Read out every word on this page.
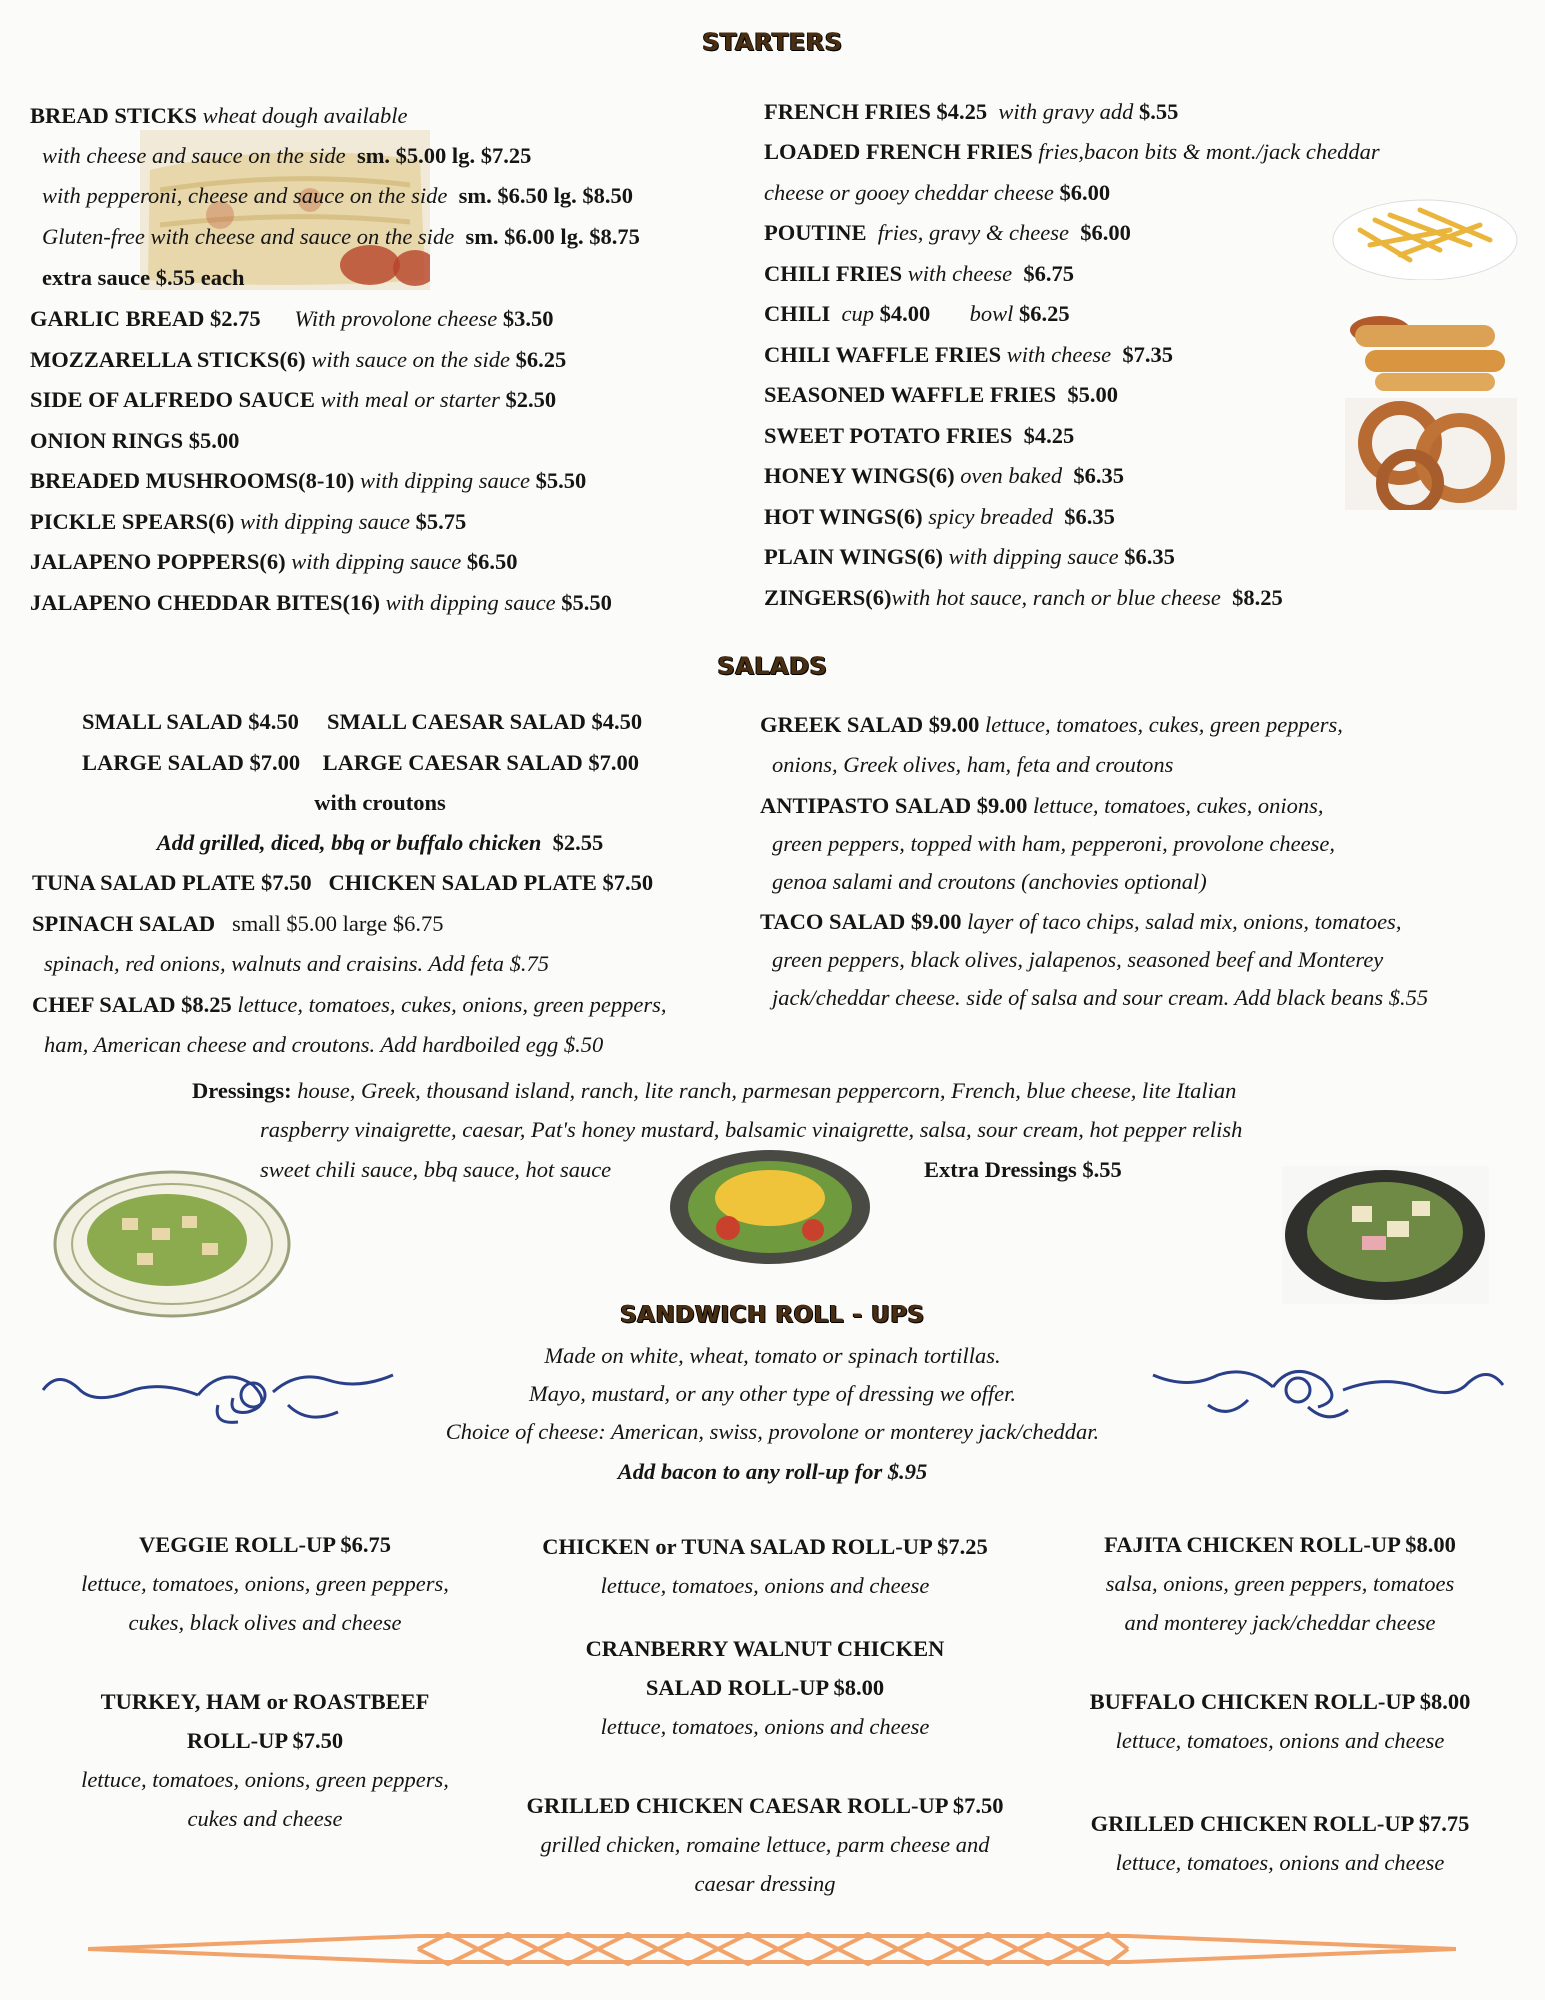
STARTERS
BREAD STICKS wheat dough available
with cheese and sauce on the side sm. $5.00 lg. $7.25
with pepperoni, cheese and sauce on the side sm. $6.50 lg. $8.50
Gluten-free with cheese and sauce on the side sm. $6.00 lg. $8.75
extra sauce $.55 each
GARLIC BREAD $2.75 With provolone cheese $3.50
MOZZARELLA STICKS(6) with sauce on the side $6.25
SIDE OF ALFREDO SAUCE with meal or starter $2.50
ONION RINGS $5.00
BREADED MUSHROOMS(8-10) with dipping sauce $5.50
PICKLE SPEARS(6) with dipping sauce $5.75
JALAPENO POPPERS(6) with dipping sauce $6.50
JALAPENO CHEDDAR BITES(16) with dipping sauce $5.50
FRENCH FRIES $4.25 with gravy add $.55
LOADED FRENCH FRIES fries,bacon bits & mont./jack cheddar
cheese or gooey cheddar cheese $6.00
POUTINE fries, gravy & cheese $6.00
CHILI FRIES with cheese $6.75
CHILI cup $4.00 bowl $6.25
CHILI WAFFLE FRIES with cheese $7.35
SEASONED WAFFLE FRIES $5.00
SWEET POTATO FRIES $4.25
HONEY WINGS(6) oven baked $6.35
HOT WINGS(6) spicy breaded $6.35
PLAIN WINGS(6) with dipping sauce $6.35
ZINGERS(6)with hot sauce, ranch or blue cheese $8.25
SALADS
SMALL SALAD $4.50 SMALL CAESAR SALAD $4.50
LARGE SALAD $7.00 LARGE CAESAR SALAD $7.00
with croutons
Add grilled, diced, bbq or buffalo chicken $2.55
TUNA SALAD PLATE $7.50 CHICKEN SALAD PLATE $7.50
SPINACH SALAD small $5.00 large $6.75
spinach, red onions, walnuts and craisins. Add feta $.75
CHEF SALAD $8.25 lettuce, tomatoes, cukes, onions, green peppers,
ham, American cheese and croutons. Add hardboiled egg $.50
GREEK SALAD $9.00 lettuce, tomatoes, cukes, green peppers,
onions, Greek olives, ham, feta and croutons
ANTIPASTO SALAD $9.00 lettuce, tomatoes, cukes, onions,
green peppers, topped with ham, pepperoni, provolone cheese,
genoa salami and croutons (anchovies optional)
TACO SALAD $9.00 layer of taco chips, salad mix, onions, tomatoes,
green peppers, black olives, jalapenos, seasoned beef and Monterey
jack/cheddar cheese. side of salsa and sour cream. Add black beans $.55
Dressings: house, Greek, thousand island, ranch, lite ranch, parmesan peppercorn, French, blue cheese, lite Italian
raspberry vinaigrette, caesar, Pat's honey mustard, balsamic vinaigrette, salsa, sour cream, hot pepper relish
sweet chili sauce, bbq sauce, hot sauce	Extra Dressings $.55
SANDWICH ROLL - UPS
Made on white, wheat, tomato or spinach tortillas.
Mayo, mustard, or any other type of dressing we offer.
Choice of cheese: American, swiss, provolone or monterey jack/cheddar.
Add bacon to any roll-up for $.95
VEGGIE ROLL-UP $6.75
lettuce, tomatoes, onions, green peppers,
cukes, black olives and cheese

TURKEY, HAM or ROASTBEEF
ROLL-UP $7.50
lettuce, tomatoes, onions, green peppers,
cukes and cheese
CHICKEN or TUNA SALAD ROLL-UP $7.25
lettuce, tomatoes, onions and cheese

CRANBERRY WALNUT CHICKEN
SALAD ROLL-UP $8.00
lettuce, tomatoes, onions and cheese

GRILLED CHICKEN CAESAR ROLL-UP $7.50
grilled chicken, romaine lettuce, parm cheese and
caesar dressing
FAJITA CHICKEN ROLL-UP $8.00
salsa, onions, green peppers, tomatoes
and monterey jack/cheddar cheese

BUFFALO CHICKEN ROLL-UP $8.00
lettuce, tomatoes, onions and cheese

GRILLED CHICKEN ROLL-UP $7.75
lettuce, tomatoes, onions and cheese
